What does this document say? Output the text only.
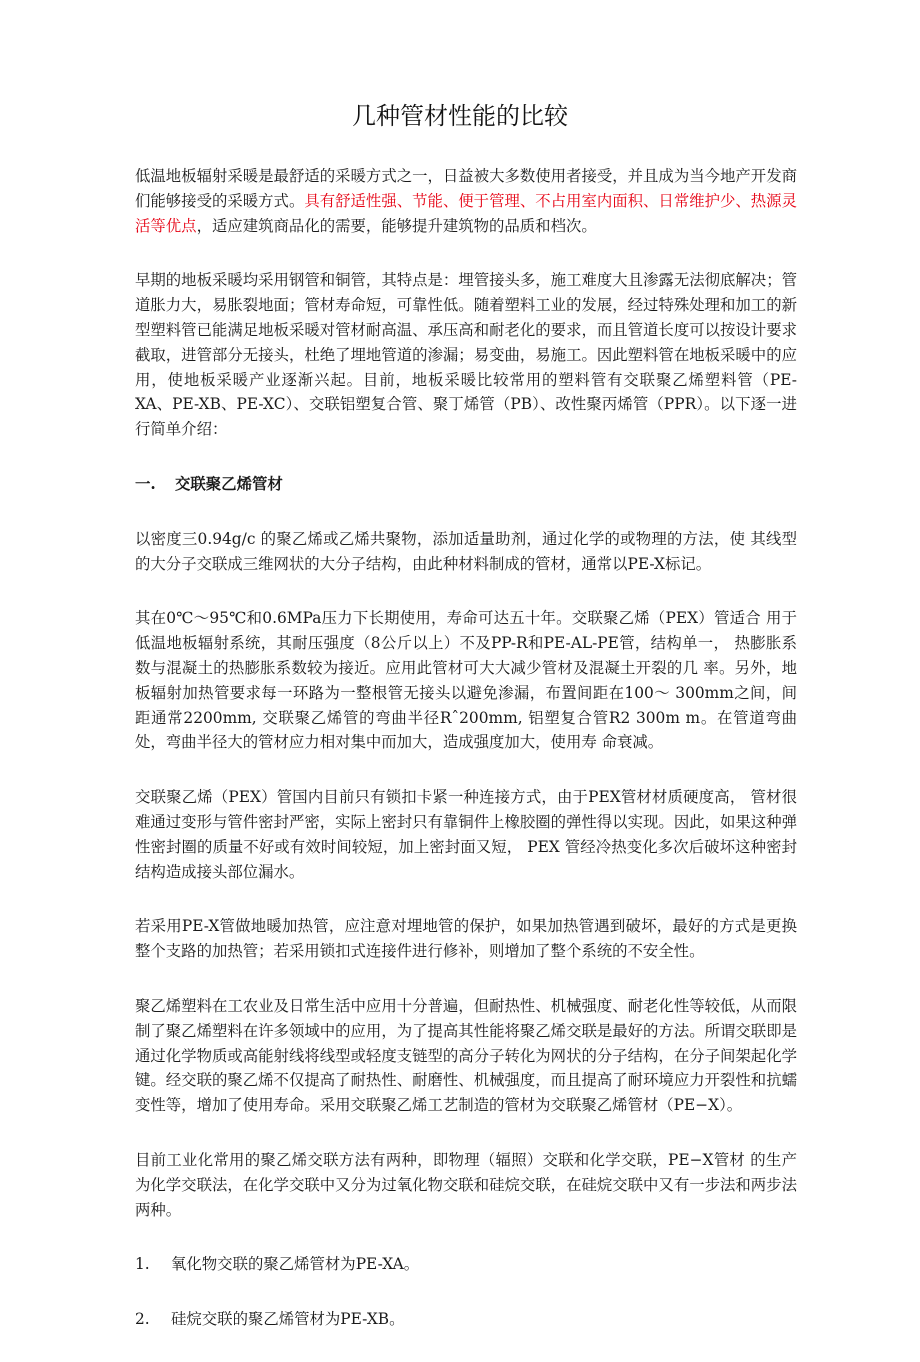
几种管材性能的比较

低温地板辐射采暖是最舒适的采暖方式之一，日益被大多数使用者接受，并且成为当今地产开发商们能够接受的采暖方式。具有舒适性强、节能、便于管理、不占用室内面积、日常维护少、热源灵活等优点，适应建筑商品化的需要，能够提升建筑物的品质和档次。

早期的地板采暖均采用钢管和铜管，其特点是：埋管接头多，施工难度大且渗露无法彻底解决；管道胀力大，易胀裂地面；管材寿命短，可靠性低。随着塑料工业的发展，经过特殊处理和加工的新型塑料管已能满足地板采暖对管材耐高温、承压高和耐老化的要求，而且管道长度可以按设计要求截取，进管部分无接头，杜绝了埋地管道的渗漏；易变曲，易施工。因此塑料管在地板采暖中的应用，使地板采暖产业逐渐兴起。目前，地板采暖比较常用的塑料管有交联聚乙烯塑料管（PE-XA、PE-XB、PE-XC）、交联铝塑复合管、聚丁烯管（PB）、改性聚丙烯管（PPR）。以下逐一进行简单介绍：

一. 交联聚乙烯管材

以密度三0.94g/c 的聚乙烯或乙烯共聚物，添加适量助剂，通过化学的或物理的方法，使 其线型的大分子交联成三维网状的大分子结构，由此种材料制成的管材，通常以PE-X标记。

其在0℃～95℃和0.6MPa压力下长期使用，寿命可达五十年。交联聚乙烯（PEX）管适合 用于低温地板辐射系统，其耐压强度（8公斤以上）不及PP-R和PE-AL-PE管，结构单一， 热膨胀系数与混凝土的热膨胀系数较为接近。应用此管材可大大减少管材及混凝土开裂的几 率。另外，地板辐射加热管要求每一环路为一整根管无接头以避免渗漏，布置间距在100～ 300mm之间，间距通常2200mm, 交联聚乙烯管的弯曲半径Rˆ200mm, 铝塑复合管R2 300m m。在管道弯曲处，弯曲半径大的管材应力相对集中而加大，造成强度加大，使用寿 命衰减。

交联聚乙烯（PEX）管国内目前只有锁扣卡紧一种连接方式，由于PEX管材材质硬度高， 管材很难通过变形与管件密封严密，实际上密封只有靠铜件上橡胶圈的弹性得以实现。因此，如果这种弹性密封圈的质量不好或有效时间较短，加上密封面又短， PEX 管经冷热变化多次后破坏这种密封结构造成接头部位漏水。

若采用PE-X管做地暖加热管，应注意对埋地管的保护，如果加热管遇到破坏，最好的方式是更换整个支路的加热管；若采用锁扣式连接件进行修补，则增加了整个系统的不安全性。

聚乙烯塑料在工农业及日常生活中应用十分普遍，但耐热性、机械强度、耐老化性等较低，从而限制了聚乙烯塑料在许多领域中的应用，为了提高其性能将聚乙烯交联是最好的方法。所谓交联即是通过化学物质或高能射线将线型或轻度支链型的高分子转化为网状的分子结构，在分子间架起化学键。经交联的聚乙烯不仅提高了耐热性、耐磨性、机械强度，而且提高了耐环境应力开裂性和抗蠕变性等，增加了使用寿命。采用交联聚乙烯工艺制造的管材为交联聚乙烯管材（PE−X）。

目前工业化常用的聚乙烯交联方法有两种，即物理（辐照）交联和化学交联，PE−X管材 的生产为化学交联法，在化学交联中又分为过氧化物交联和硅烷交联，在硅烷交联中又有一步法和两步法两种。

1. 氧化物交联的聚乙烯管材为PE-XA。

2. 硅烷交联的聚乙烯管材为PE-XB。
